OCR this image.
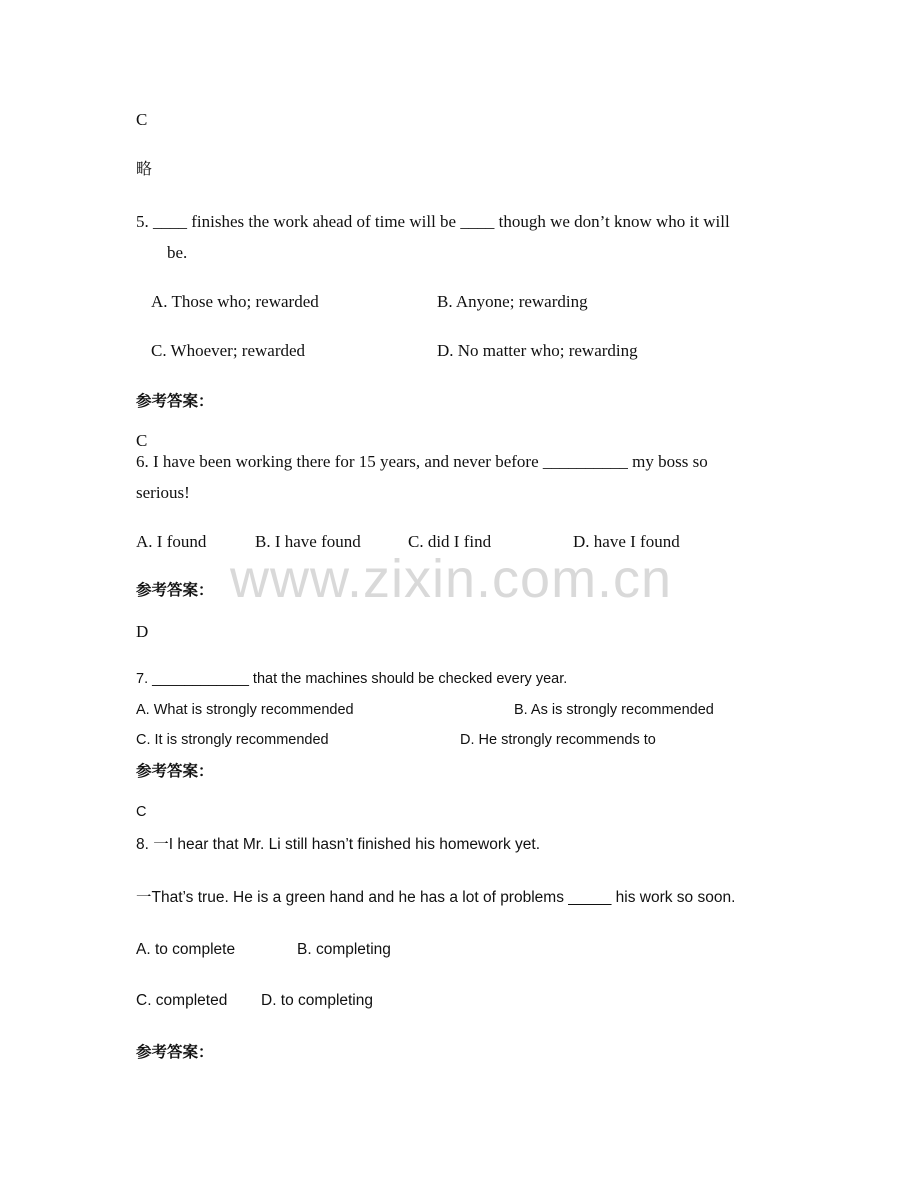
www.zixin.com.cn
C
略
5. ____ finishes the work ahead of time will be ____ though we don’t know who it will
be.
A. Those who; rewarded	B. Anyone; rewarding
C. Whoever; rewarded	D. No matter who; rewarding
参考答案：
C
6. I have been working there for 15 years, and never before __________ my boss so
serious!
A. I found	B. I have found	C. did I find	D. have I found
参考答案：
D
7. ____________ that the machines should be checked every year.
A. What is strongly recommended	B. As is strongly recommended
C. It is strongly recommended	D. He strongly recommends to
参考答案：
C
8. 一I hear that Mr. Li still hasn’t finished his homework yet.
一That’s true. He is a green hand and he has a lot of problems _____ his work so soon.
A. to complete	B. completing
C. completed D. to completing
参考答案：
